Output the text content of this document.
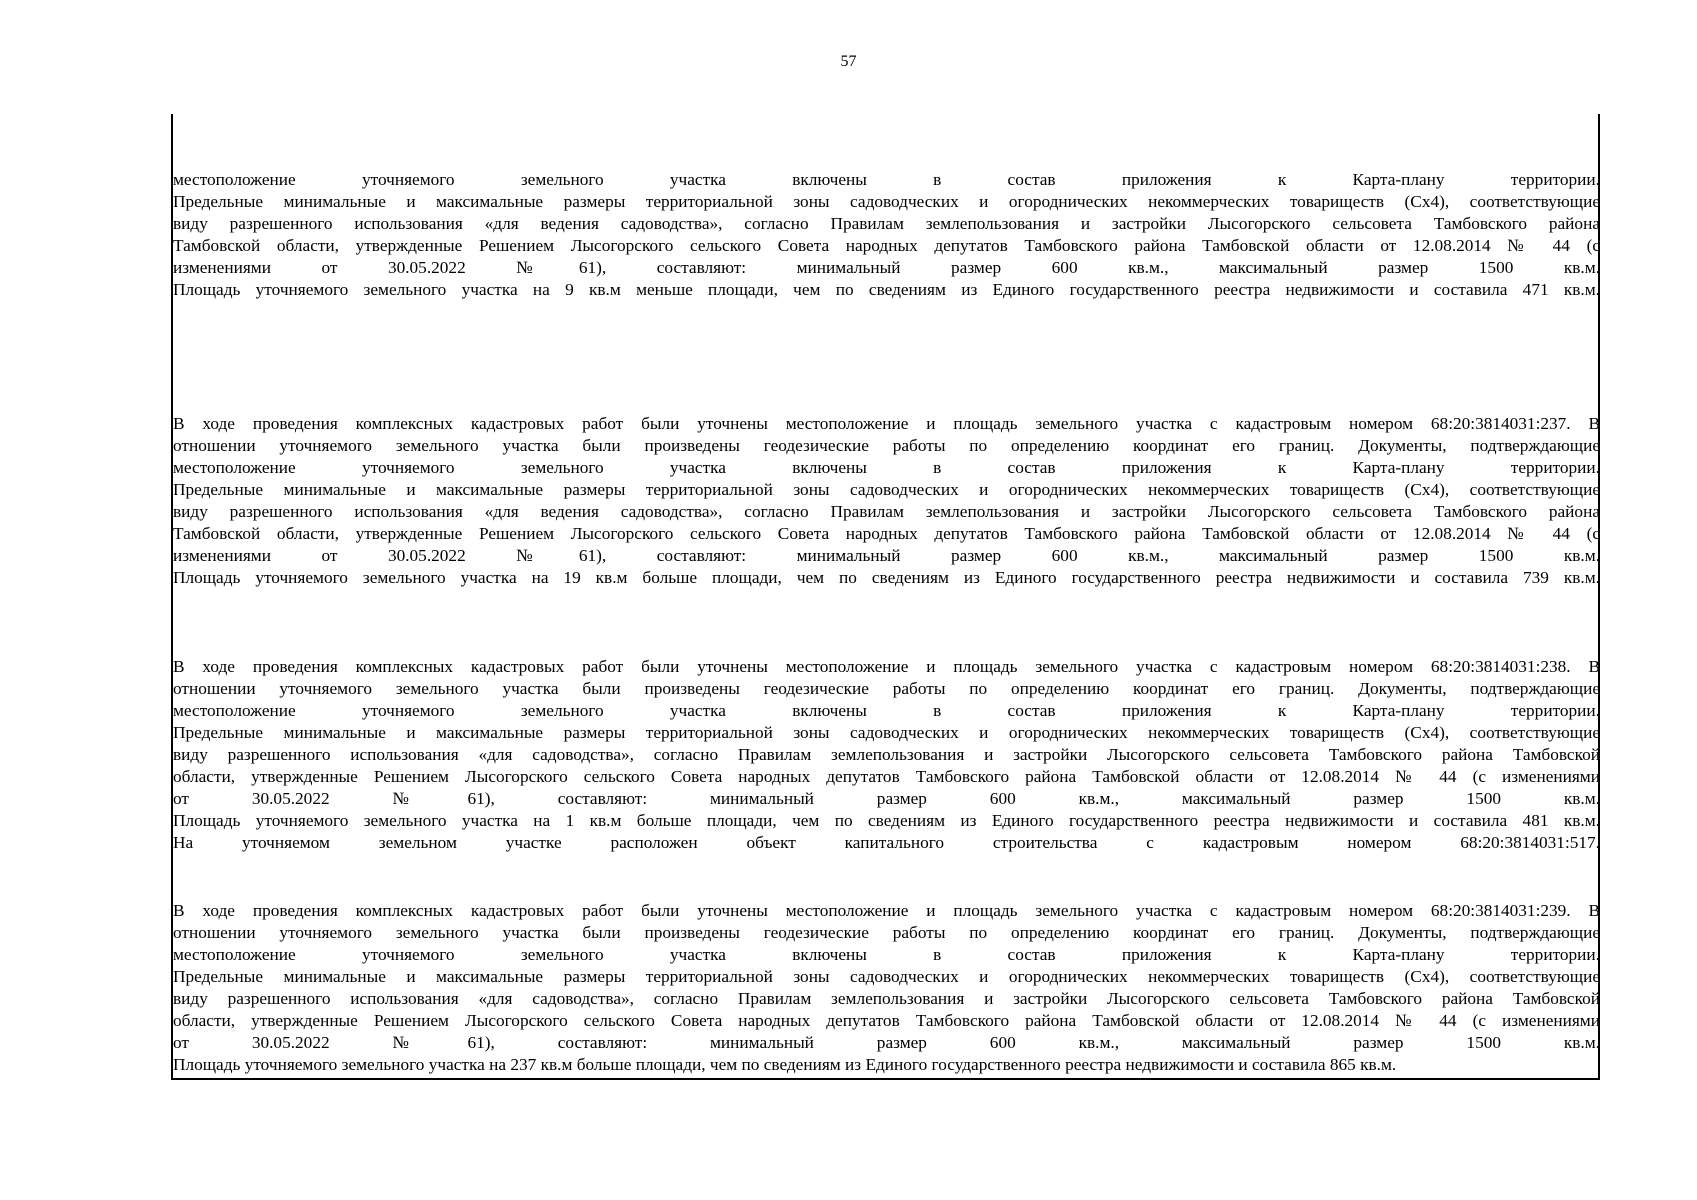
57
местоположение уточняемого земельного участка включены в состав приложения к Карта-плану территории.
Предельные минимальные и максимальные размеры территориальной зоны садоводческих и огороднических некоммерческих товариществ (Сх4), соответствующие
виду разрешенного использования «для ведения садоводства», согласно Правилам землепользования и застройки Лысогорского сельсовета Тамбовского района
Тамбовской области, утвержденные Решением Лысогорского сельского Совета народных депутатов Тамбовского района Тамбовской области от 12.08.2014 № 44 (с
изменениями от 30.05.2022 №61), составляют: минимальный размер 600 кв.м., максимальный размер 1500 кв.м.
Площадь уточняемого земельного участка на 9 кв.м меньше площади, чем по сведениям из Единого государственного реестра недвижимости и составила 471 кв.м.
В ходе проведения комплексных кадастровых работ были уточнены местоположение и площадь земельного участка с кадастровым номером 68:20:3814031:237. В
отношении уточняемого земельного участка были произведены геодезические работы по определению координат его границ. Документы, подтверждающие
местоположение уточняемого земельного участка включены в состав приложения к Карта-плану территории.
Предельные минимальные и максимальные размеры территориальной зоны садоводческих и огороднических некоммерческих товариществ (Сх4), соответствующие
виду разрешенного использования «для ведения садоводства», согласно Правилам землепользования и застройки Лысогорского сельсовета Тамбовского района
Тамбовской области, утвержденные Решением Лысогорского сельского Совета народных депутатов Тамбовского района Тамбовской области от 12.08.2014 № 44 (с
изменениями от 30.05.2022 №61), составляют: минимальный размер 600 кв.м., максимальный размер 1500 кв.м.
Площадь уточняемого земельного участка на 19 кв.м больше площади, чем по сведениям из Единого государственного реестра недвижимости и составила 739 кв.м.
В ходе проведения комплексных кадастровых работ были уточнены местоположение и площадь земельного участка с кадастровым номером 68:20:3814031:238. В
отношении уточняемого земельного участка были произведены геодезические работы по определению координат его границ. Документы, подтверждающие
местоположение уточняемого земельного участка включены в состав приложения к Карта-плану территории.
Предельные минимальные и максимальные размеры территориальной зоны садоводческих и огороднических некоммерческих товариществ (Сх4), соответствующие
виду разрешенного использования «для садоводства», согласно Правилам землепользования и застройки Лысогорского сельсовета Тамбовского района Тамбовской
области, утвержденные Решением Лысогорского сельского Совета народных депутатов Тамбовского района Тамбовской области от 12.08.2014 № 44 (с изменениями
от 30.05.2022 №61), составляют: минимальный размер 600 кв.м., максимальный размер 1500 кв.м.
Площадь уточняемого земельного участка на 1 кв.м больше площади, чем по сведениям из Единого государственного реестра недвижимости и составила 481 кв.м.
На уточняемом земельном участке расположен объект капитального строительства с кадастровым номером 68:20:3814031:517.
В ходе проведения комплексных кадастровых работ были уточнены местоположение и площадь земельного участка с кадастровым номером 68:20:3814031:239. В
отношении уточняемого земельного участка были произведены геодезические работы по определению координат его границ. Документы, подтверждающие
местоположение уточняемого земельного участка включены в состав приложения к Карта-плану территории.
Предельные минимальные и максимальные размеры территориальной зоны садоводческих и огороднических некоммерческих товариществ (Сх4), соответствующие
виду разрешенного использования «для садоводства», согласно Правилам землепользования и застройки Лысогорского сельсовета Тамбовского района Тамбовской
области, утвержденные Решением Лысогорского сельского Совета народных депутатов Тамбовского района Тамбовской области от 12.08.2014 № 44 (с изменениями
от 30.05.2022 №61), составляют: минимальный размер 600 кв.м., максимальный размер 1500 кв.м.
Площадь уточняемого земельного участка на 237 кв.м больше площади, чем по сведениям из Единого государственного реестра недвижимости и составила 865 кв.м.
